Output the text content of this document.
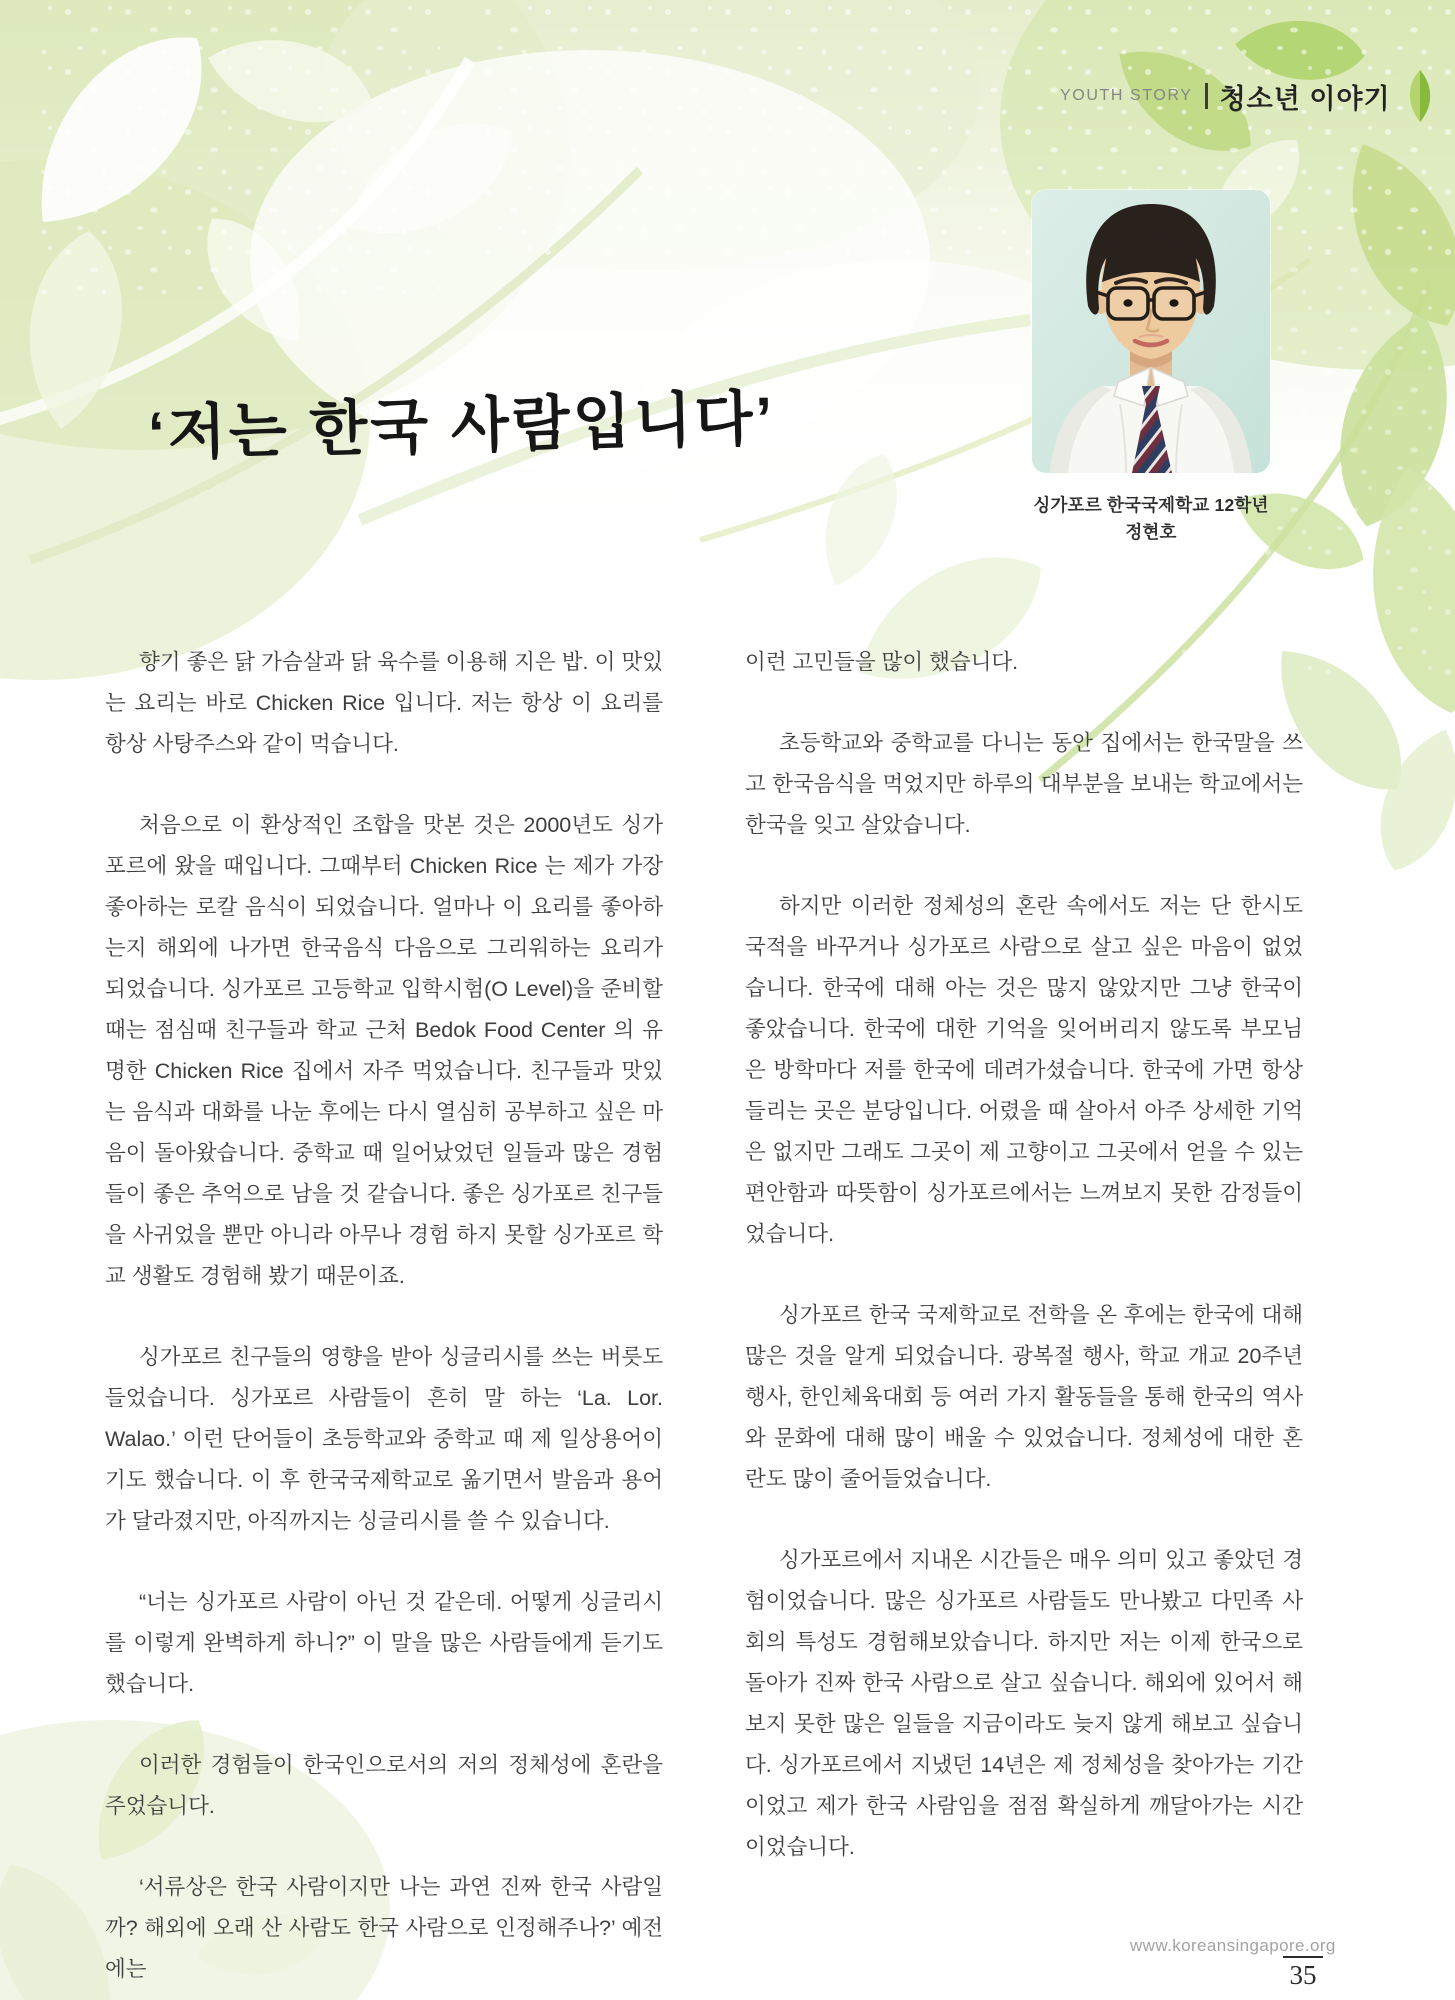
YOUTH STORY 청소년 이야기
싱가포르 한국국제학교 12학년
정현호
‘저는 한국 사람입니다’

향기 좋은 닭 가슴살과 닭 육수를 이용해 지은 밥. 이 맛있는 요리는 바로 Chicken Rice 입니다. 저는 항상 이 요리를 항상 사탕주스와 같이 먹습니다.

처음으로 이 환상적인 조합을 맛본 것은 2000년도 싱가포르에 왔을 때입니다. 그때부터 Chicken Rice 는 제가 가장 좋아하는 로칼 음식이 되었습니다. 얼마나 이 요리를 좋아하는지 해외에 나가면 한국음식 다음으로 그리워하는 요리가 되었습니다. 싱가포르 고등학교 입학시험(O Level)을 준비할 때는 점심때 친구들과 학교 근처 Bedok Food Center 의 유명한 Chicken Rice 집에서 자주 먹었습니다. 친구들과 맛있는 음식과 대화를 나눈 후에는 다시 열심히 공부하고 싶은 마음이 돌아왔습니다. 중학교 때 일어났었던 일들과 많은 경험들이 좋은 추억으로 남을 것 같습니다. 좋은 싱가포르 친구들을 사귀었을 뿐만 아니라 아무나 경험 하지 못할 싱가포르 학교 생활도 경험해 봤기 때문이죠.

싱가포르 친구들의 영향을 받아 싱글리시를 쓰는 버릇도 들었습니다. 싱가포르 사람들이 흔히 말 하는 ‘La. Lor. Walao.’ 이런 단어들이 초등학교와 중학교 때 제 일상용어이기도 했습니다. 이 후 한국국제학교로 옮기면서 발음과 용어가 달라졌지만, 아직까지는 싱글리시를 쓸 수 있습니다.

“너는 싱가포르 사람이 아닌 것 같은데. 어떻게 싱글리시를 이렇게 완벽하게 하니?” 이 말을 많은 사람들에게 듣기도 했습니다.

이러한 경험들이 한국인으로서의 저의 정체성에 혼란을 주었습니다.

‘서류상은 한국 사람이지만 나는 과연 진짜 한국 사람일까? 해외에 오래 산 사람도 한국 사람으로 인정해주나?’ 예전에는

이런 고민들을 많이 했습니다.

초등학교와 중학교를 다니는 동안 집에서는 한국말을 쓰고 한국음식을 먹었지만 하루의 대부분을 보내는 학교에서는 한국을 잊고 살았습니다.

하지만 이러한 정체성의 혼란 속에서도 저는 단 한시도 국적을 바꾸거나 싱가포르 사람으로 살고 싶은 마음이 없었습니다. 한국에 대해 아는 것은 많지 않았지만 그냥 한국이 좋았습니다. 한국에 대한 기억을 잊어버리지 않도록 부모님은 방학마다 저를 한국에 데려가셨습니다. 한국에 가면 항상 들리는 곳은 분당입니다. 어렸을 때 살아서 아주 상세한 기억은 없지만 그래도 그곳이 제 고향이고 그곳에서 얻을 수 있는 편안함과 따뜻함이 싱가포르에서는 느껴보지 못한 감정들이었습니다.

싱가포르 한국 국제학교로 전학을 온 후에는 한국에 대해 많은 것을 알게 되었습니다. 광복절 행사, 학교 개교 20주년 행사, 한인체육대회 등 여러 가지 활동들을 통해 한국의 역사와 문화에 대해 많이 배울 수 있었습니다. 정체성에 대한 혼란도 많이 줄어들었습니다.

싱가포르에서 지내온 시간들은 매우 의미 있고 좋았던 경험이었습니다. 많은 싱가포르 사람들도 만나봤고 다민족 사회의 특성도 경험해보았습니다. 하지만 저는 이제 한국으로 돌아가 진짜 한국 사람으로 살고 싶습니다. 해외에 있어서 해보지 못한 많은 일들을 지금이라도 늦지 않게 해보고 싶습니다. 싱가포르에서 지냈던 14년은 제 정체성을 찾아가는 기간이었고 제가 한국 사람임을 점점 확실하게 깨달아가는 시간이었습니다.

www.koreansingapore.org
35
